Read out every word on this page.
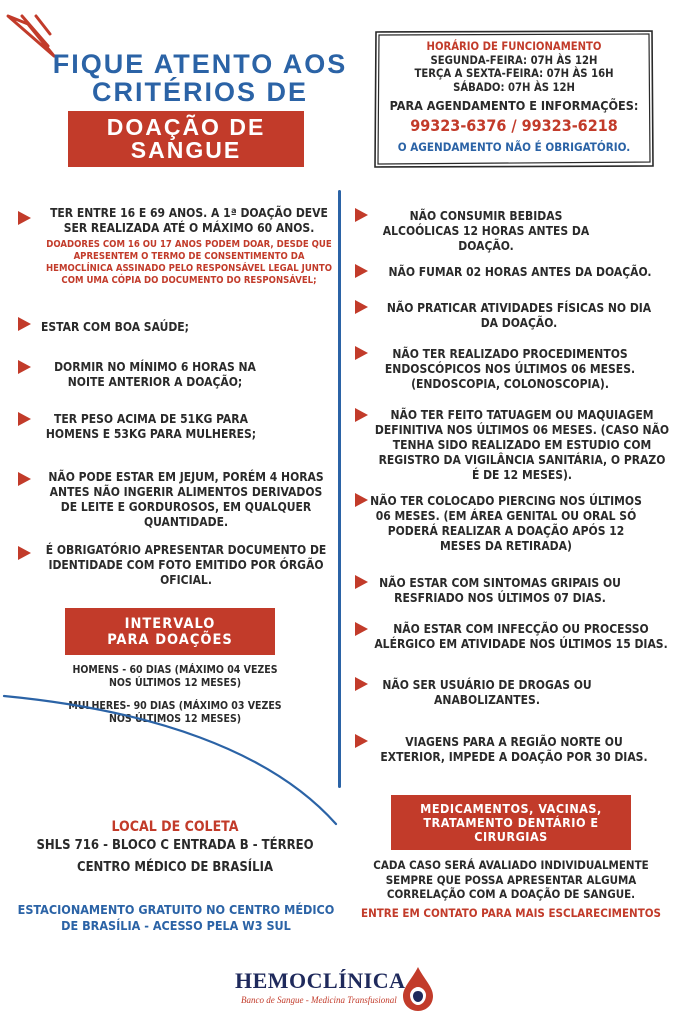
FIQUE ATENTO AOS
CRITÉRIOS DE
DOAÇÃO DE
SANGUE
HORÁRIO DE FUNCIONAMENTO
SEGUNDA-FEIRA: 07H ÀS 12H
TERÇA A SEXTA-FEIRA: 07H ÀS 16H
SÁBADO: 07H ÀS 12H
PARA AGENDAMENTO E INFORMAÇÕES:
99323-6376 / 99323-6218
O AGENDAMENTO NÃO É OBRIGATÓRIO.
TER ENTRE 16 E 69 ANOS. A 1ª DOAÇÃO DEVE SER REALIZADA ATÉ O MÁXIMO 60 ANOS.
DOADORES COM 16 OU 17 ANOS PODEM DOAR, DESDE QUE APRESENTEM O TERMO DE CONSENTIMENTO DA HEMOCLÍNICA ASSINADO PELO RESPONSÁVEL LEGAL JUNTO COM UMA CÓPIA DO DOCUMENTO DO RESPONSÁVEL;
ESTAR COM BOA SAÚDE;
DORMIR NO MÍNIMO 6 HORAS NA NOITE ANTERIOR A DOAÇÃO;
TER PESO ACIMA DE 51KG PARA HOMENS E 53KG PARA MULHERES;
NÃO PODE ESTAR EM JEJUM, PORÉM 4 HORAS ANTES NÃO INGERIR ALIMENTOS DERIVADOS DE LEITE E GORDUROSOS, EM QUALQUER QUANTIDADE.
É OBRIGATÓRIO APRESENTAR DOCUMENTO DE IDENTIDADE COM FOTO EMITIDO POR ÓRGÃO OFICIAL.
INTERVALO
PARA DOAÇÕES
HOMENS - 60 DIAS (MÁXIMO 04 VEZES
NOS ÚLTIMOS 12 MESES)
MULHERES- 90 DIAS (MÁXIMO 03 VEZES
NOS ÚLTIMOS 12 MESES)
NÃO CONSUMIR BEBIDAS ALCOÓLICAS 12 HORAS ANTES DA DOAÇÃO.
NÃO FUMAR 02 HORAS ANTES DA DOAÇÃO.
NÃO PRATICAR ATIVIDADES FÍSICAS NO DIA DA DOAÇÃO.
NÃO TER REALIZADO PROCEDIMENTOS ENDOSCÓPICOS NOS ÚLTIMOS 06 MESES. (ENDOSCOPIA, COLONOSCOPIA).
NÃO TER FEITO TATUAGEM OU MAQUIAGEM DEFINITIVA NOS ÚLTIMOS 06 MESES. (CASO NÃO TENHA SIDO REALIZADO EM ESTUDIO COM REGISTRO DA VIGILÂNCIA SANITÁRIA, O PRAZO É DE 12 MESES).
NÃO TER COLOCADO PIERCING NOS ÚLTIMOS 06 MESES. (EM ÁREA GENITAL OU ORAL SÓ PODERÁ REALIZAR A DOAÇÃO APÓS 12 MESES DA RETIRADA)
NÃO ESTAR COM SINTOMAS GRIPAIS OU RESFRIADO NOS ÚLTIMOS 07 DIAS.
NÃO ESTAR COM INFECÇÃO OU PROCESSO ALÉRGICO EM ATIVIDADE NOS ÚLTIMOS 15 DIAS.
NÃO SER USUÁRIO DE DROGAS OU ANABOLIZANTES.
VIAGENS PARA A REGIÃO NORTE OU EXTERIOR, IMPEDE A DOAÇÃO POR 30 DIAS.
LOCAL DE COLETA
SHLS 716 - BLOCO C ENTRADA B - TÉRREO
CENTRO MÉDICO DE BRASÍLIA
ESTACIONAMENTO GRATUITO NO CENTRO MÉDICO DE BRASÍLIA - ACESSO PELA W3 SUL
MEDICAMENTOS, VACINAS,
TRATAMENTO DENTÁRIO E
CIRURGIAS
CADA CASO SERÁ AVALIADO INDIVIDUALMENTE SEMPRE QUE POSSA APRESENTAR ALGUMA CORRELAÇÃO COM A DOAÇÃO DE SANGUE.
ENTRE EM CONTATO PARA MAIS ESCLARECIMENTOS
HEMOCLÍNICA
Banco de Sangue - Medicina Transfusional
